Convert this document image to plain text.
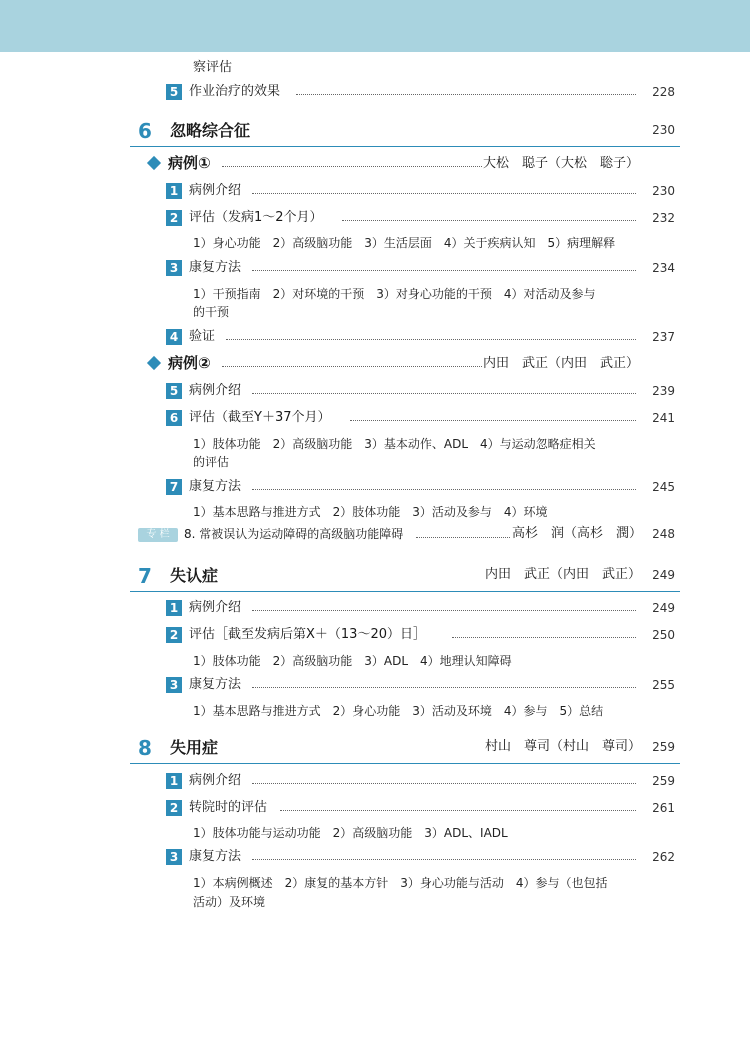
察评估
5 作业治疗的效果	228
6 忽略综合征	230
病例①	大松　聪子（大松　聡子）
1 病例介绍	230
2 评估（发病1～2个月）	232
1）身心功能　2）高级脑功能　3）生活层面　4）关于疾病认知　5）病理解释
3 康复方法	234
1）干预指南　2）对环境的干预　3）对身心功能的干预　4）对活动及参与
的干预
4 验证	237
病例②	内田　武正（内田　武正）
5 病例介绍	239
6 评估（截至Y＋37个月）	241
1）肢体功能　2）高级脑功能　3）基本动作、ADL　4）与运动忽略症相关
的评估
7 康复方法	245
1）基本思路与推进方式　2）肢体功能　3）活动及参与　4）环境
专 栏	8. 常被误认为运动障碍的高级脑功能障碍	高杉　润（高杉　潤） 248
7 失认症	内田　武正（内田　武正） 249
1 病例介绍	249
2 评估［截至发病后第X＋（13～20）日］	250
1）肢体功能　2）高级脑功能　3）ADL　4）地理认知障碍
3 康复方法	255
1）基本思路与推进方式　2）身心功能　3）活动及环境　4）参与　5）总结
8 失用症	村山　尊司（村山　尊司） 259
1 病例介绍	259
2 转院时的评估	261
1）肢体功能与运动功能　2）高级脑功能　3）ADL、IADL
3 康复方法	262
1）本病例概述　2）康复的基本方针　3）身心功能与活动　4）参与（也包括
活动）及环境
